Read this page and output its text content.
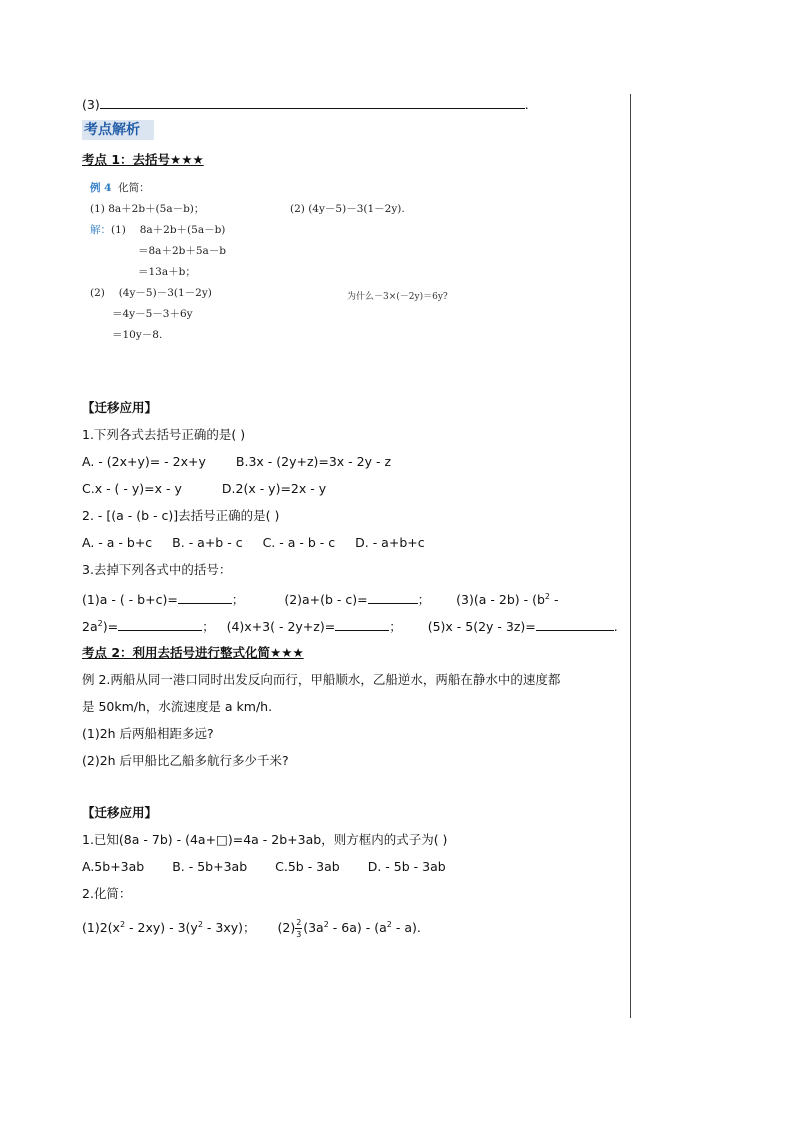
(3)	.
考点解析
考点 1：去括号★★★
例 4 化简：
(1) 8a＋2b＋(5a－b)；	(2) (4y－5)－3(1－2y).
解：(1)　 8a＋2b＋(5a－b)
＝8a＋2b＋5a－b
＝13a＋b；
(2)　 (4y－5)－3(1－2y)
＝4y－5－3＋6y
＝10y－8.
为什么－3×(－2y)＝6y?
【迁移应用】
1.下列各式去括号正确的是( )
A. - (2x+y)= - 2x+y B.3x - (2y+z)=3x - 2y - z
C.x - ( - y)=x - y	D.2(x - y)=2x - y
2. - [(a - (b - c)]去括号正确的是( )
A. - a - b+c B. - a+b - c C. - a - b - c D. - a+b+c
3.去掉下列各式中的括号：
(1)a - ( - b+c)=	；	(2)a+(b - c)=	； $(3)(a - 2b) - (b^2$ -
$2a^2)=$	； (4)x+3( - 2y+z)=	； (5)x - 5(2y - 3z)=	.
考点 2：利用去括号进行整式化简★★★
例 2.两船从同一港口同时出发反向而行，甲船顺水，乙船逆水，两船在静水中的速度都
是 50km/h，水流速度是 a km/h.
(1)2h 后两船相距多远?
(2)2h 后甲船比乙船多航行多少千米?
【迁移应用】
1.已知(8a - 7b) - (4a+□)=4a - 2b+3ab，则方框内的式子为( )
A.5b+3ab B. - 5b+3ab C.5b - 3ab D. - 5b - 3ab
2.化简：
$(1)2(x^2 - 2xy) - 3(y^2 - 3xy)$； $(2) \frac{2}{3} (3a^2 - 6a) - (a^2 - a)$.
